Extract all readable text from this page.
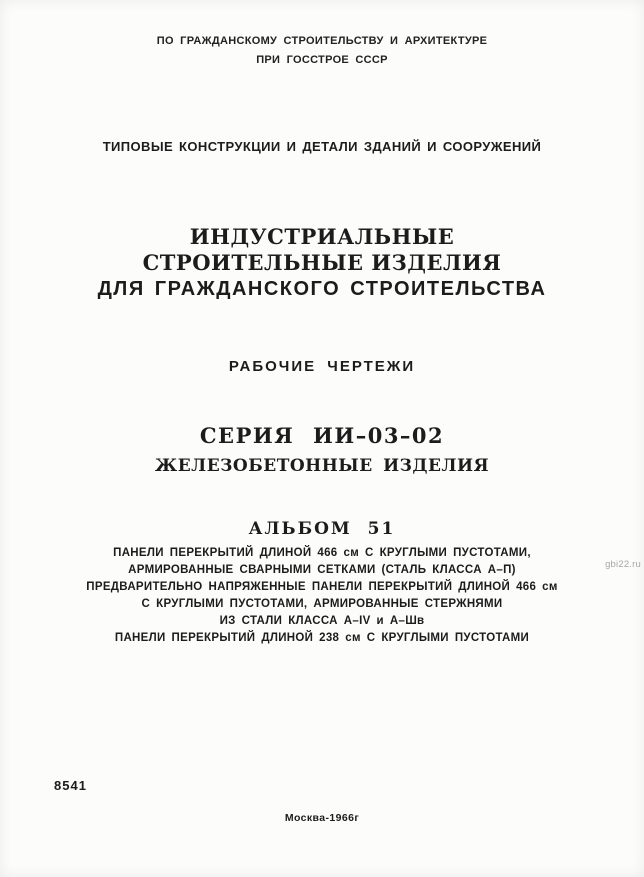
ПО ГРАЖДАНСКОМУ СТРОИТЕЛЬСТВУ И АРХИТЕКТУРЕ
ПРИ ГОССТРОЕ СССР
ТИПОВЫЕ КОНСТРУКЦИИ И ДЕТАЛИ ЗДАНИЙ И СООРУЖЕНИЙ
ИНДУСТРИАЛЬНЫЕ
СТРОИТЕЛЬНЫЕ ИЗДЕЛИЯ
ДЛЯ ГРАЖДАНСКОГО СТРОИТЕЛЬСТВА
РАБОЧИЕ ЧЕРТЕЖИ
СЕРИЯ ИИ–03–02
ЖЕЛЕЗОБЕТОННЫЕ ИЗДЕЛИЯ
АЛЬБОМ 51
ПАНЕЛИ ПЕРЕКРЫТИЙ ДЛИНОЙ 466 см С КРУГЛЫМИ ПУСТОТАМИ,
АРМИРОВАННЫЕ СВАРНЫМИ СЕТКАМИ (СТАЛЬ КЛАССА А–П)
ПРЕДВАРИТЕЛЬНО НАПРЯЖЕННЫЕ ПАНЕЛИ ПЕРЕКРЫТИЙ ДЛИНОЙ 466 см
С КРУГЛЫМИ ПУСТОТАМИ, АРМИРОВАННЫЕ СТЕРЖНЯМИ
ИЗ СТАЛИ КЛАССА А–IV и А–Шв
ПАНЕЛИ ПЕРЕКРЫТИЙ ДЛИНОЙ 238 см С КРУГЛЫМИ ПУСТОТАМИ
gbi22.ru
8541
Москва-1966г
